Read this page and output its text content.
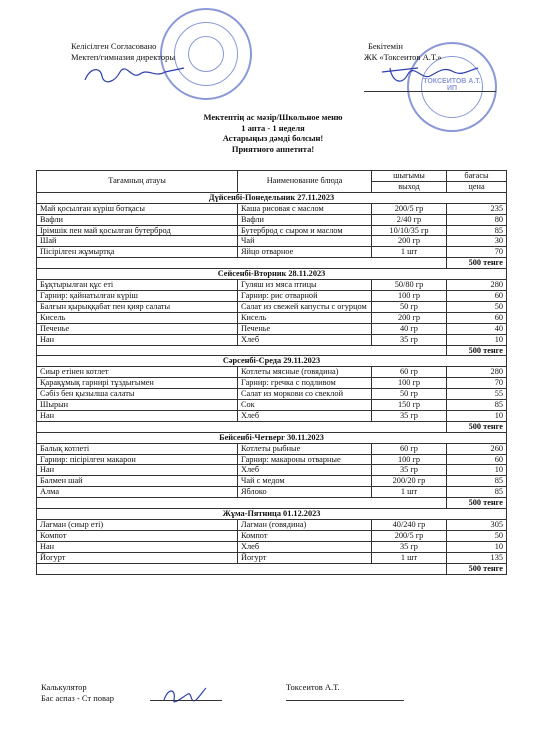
ТОКСЕИТОВ А.Т.
ИП
Келісілген Согласовано
Мектеп/гимназия директоры
Бекітемін
ЖК «Токсеитов А.Т.»
Мектептің ас мәзір/Школьное меню
1 апта - 1 неделя
Астарыңыз дәмді болсын!
Приятного аппетита!
Тағамның атауы	Наименование блюда	шығымы	бағасы
		выход	цена
Дүйсенбі-Понедельник 27.11.2023			
Май қосылған күріш ботқасы	Каша рисовая с маслом	200/5 гр	235
Вафли	Вафли	2/40 гр	80
Ірімшік пен май қосылған бутерброд	Бутерброд с сыром и маслом	10/10/35 гр	85
Шай	Чай	200 гр	30
Пісірілген жұмыртқа	Яйцо отварное	1 шт	70
			500 тенге
Сейсенбі-Вторник 28.11.2023			
Бұқтырылған құс еті	Гуляш из мяса птицы	50/80 гр	280
Гарнир: қайнатылған күріш	Гарнир: рис отварной	100 гр	60
Балғын қырыққабат пен қияр салаты	Салат из свежей капусты с огурцом	50 гр	50
Кисель	Кисель	200 гр	60
Печенье	Печенье	40 гр	40
Нан	Хлеб	35 гр	10
			500 тенге
Сәрсенбі-Среда 29.11.2023			
Сиыр етінен котлет	Котлеты мясные (говядина)	60 гр	280
Қарақұмық гарнирі тұздығымен	Гарнир: гречка с подливом	100 гр	70
Сәбіз бен қызылша салаты	Салат из моркови со свеклой	50 гр	55
Шырын	Сок	150 гр	85
Нан	Хлеб	35 гр	10
			500 тенге
Бейсенбі-Четверг 30.11.2023			
Балық котлеті	Котлеты рыбные	60 гр	260
Гарнир: пісірілген макарон	Гарнир: макароны отварные	100 гр	60
Нан	Хлеб	35 гр	10
Балмен шай	Чай с медом	200/20 гр	85
Алма	Яблоко	1 шт	85
			500 тенге
Жұма-Пятница 01.12.2023			
Лағман (сиыр еті)	Лагман (говядина)	40/240 гр	305
Компот	Компот	200/5 гр	50
Нан	Хлеб	35 гр	10
Йогурт	Йогурт	1 шт	135
			500 тенге
Калькулятор
Бас аспаз - Ст повар
Токсеитов А.Т.
